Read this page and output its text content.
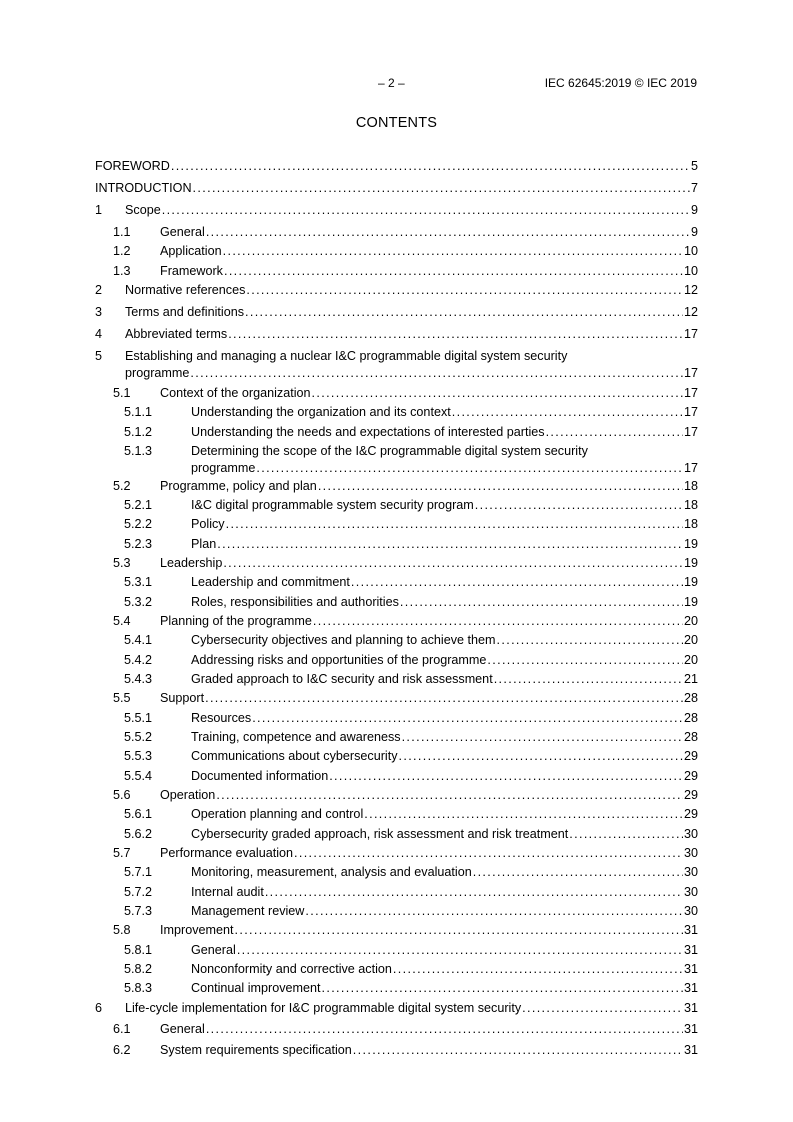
– 2 –	IEC 62645:2019 © IEC 2019
CONTENTS
FOREWORD .....	5
INTRODUCTION .....	7
1 Scope .....	9
1.1 General .....	9
1.2 Application .....	10
1.3 Framework .....	10
2 Normative references .....	12
3 Terms and definitions .....	12
4 Abbreviated terms .....	17
5 Establishing and managing a nuclear I&C programmable digital system security
programme .....	17
5.1 Context of the organization .....	17
5.1.1	Understanding the organization and its context .....	17
5.1.2	Understanding the needs and expectations of interested parties .....	17
5.1.3	Determining the scope of the I&C programmable digital system security
programme .....	17
5.2 Programme, policy and plan .....	18
5.2.1	I&C digital programmable system security program .....	18
5.2.2	Policy .....	18
5.2.3	Plan .....	19
5.3 Leadership .....	19
5.3.1	Leadership and commitment .....	19
5.3.2	Roles, responsibilities and authorities .....	19
5.4 Planning of the programme .....	20
5.4.1	Cybersecurity objectives and planning to achieve them .....	20
5.4.2	Addressing risks and opportunities of the programme .....	20
5.4.3	Graded approach to I&C security and risk assessment .....	21
5.5 Support .....	28
5.5.1	Resources .....	28
5.5.2	Training, competence and awareness .....	28
5.5.3	Communications about cybersecurity .....	29
5.5.4	Documented information .....	29
5.6 Operation .....	29
5.6.1	Operation planning and control .....	29
5.6.2	Cybersecurity graded approach, risk assessment and risk treatment .....	30
5.7 Performance evaluation .....	30
5.7.1	Monitoring, measurement, analysis and evaluation .....	30
5.7.2	Internal audit .....	30
5.7.3	Management review .....	30
5.8 Improvement .....	31
5.8.1	General .....	31
5.8.2	Nonconformity and corrective action .....	31
5.8.3	Continual improvement .....	31
6 Life-cycle implementation for I&C programmable digital system security .....	31
6.1 General .....	31
6.2 System requirements specification .....	31
